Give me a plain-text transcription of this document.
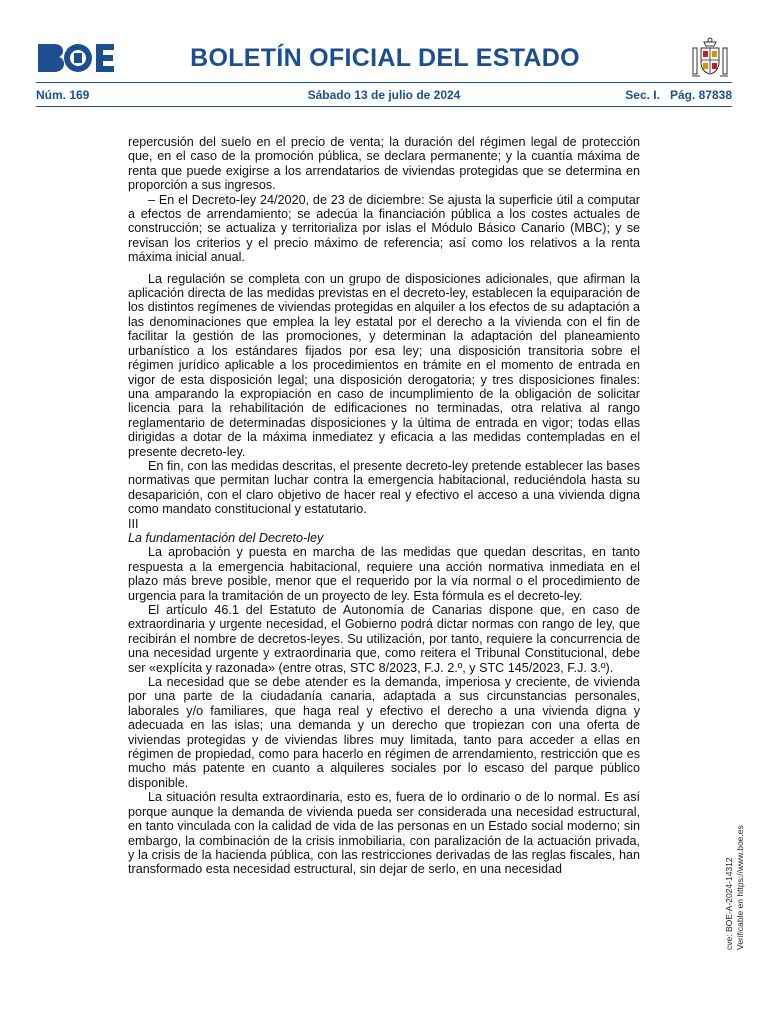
BOLETÍN OFICIAL DEL ESTADO
Núm. 169	Sábado 13 de julio de 2024	Sec. I.   Pág. 87838

repercusión del suelo en el precio de venta; la duración del régimen legal de protección que, en el caso de la promoción pública, se declara permanente; y la cuantía máxima de renta que puede exigirse a los arrendatarios de viviendas protegidas que se determina en proporción a sus ingresos.

– En el Decreto-ley 24/2020, de 23 de diciembre: Se ajusta la superficie útil a computar a efectos de arrendamiento; se adecúa la financiación pública a los costes actuales de construcción; se actualiza y territorializa por islas el Módulo Básico Canario (MBC); y se revisan los criterios y el precio máximo de referencia; así como los relativos a la renta máxima inicial anual.

La regulación se completa con un grupo de disposiciones adicionales, que afirman la aplicación directa de las medidas previstas en el decreto-ley, establecen la equiparación de los distintos regímenes de viviendas protegidas en alquiler a los efectos de su adaptación a las denominaciones que emplea la ley estatal por el derecho a la vivienda con el fin de facilitar la gestión de las promociones, y determinan la adaptación del planeamiento urbanístico a los estándares fijados por esa ley; una disposición transitoria sobre el régimen jurídico aplicable a los procedimientos en trámite en el momento de entrada en vigor de esta disposición legal; una disposición derogatoria; y tres disposiciones finales: una amparando la expropiación en caso de incumplimiento de la obligación de solicitar licencia para la rehabilitación de edificaciones no terminadas, otra relativa al rango reglamentario de determinadas disposiciones y la última de entrada en vigor; todas ellas dirigidas a dotar de la máxima inmediatez y eficacia a las medidas contempladas en el presente decreto-ley.

En fin, con las medidas descritas, el presente decreto-ley pretende establecer las bases normativas que permitan luchar contra la emergencia habitacional, reduciéndola hasta su desaparición, con el claro objetivo de hacer real y efectivo el acceso a una vivienda digna como mandato constitucional y estatutario.

III

La fundamentación del Decreto-ley

La aprobación y puesta en marcha de las medidas que quedan descritas, en tanto respuesta a la emergencia habitacional, requiere una acción normativa inmediata en el plazo más breve posible, menor que el requerido por la vía normal o el procedimiento de urgencia para la tramitación de un proyecto de ley. Esta fórmula es el decreto-ley.

El artículo 46.1 del Estatuto de Autonomía de Canarias dispone que, en caso de extraordinaria y urgente necesidad, el Gobierno podrá dictar normas con rango de ley, que recibirán el nombre de decretos-leyes. Su utilización, por tanto, requiere la concurrencia de una necesidad urgente y extraordinaria que, como reitera el Tribunal Constitucional, debe ser «explícita y razonada» (entre otras, STC 8/2023, F.J. 2.º, y STC 145/2023, F.J. 3.º).

La necesidad que se debe atender es la demanda, imperiosa y creciente, de vivienda por una parte de la ciudadanía canaria, adaptada a sus circunstancias personales, laborales y/o familiares, que haga real y efectivo el derecho a una vivienda digna y adecuada en las islas; una demanda y un derecho que tropiezan con una oferta de viviendas protegidas y de viviendas libres muy limitada, tanto para acceder a ellas en régimen de propiedad, como para hacerlo en régimen de arrendamiento, restricción que es mucho más patente en cuanto a alquileres sociales por lo escaso del parque público disponible.

La situación resulta extraordinaria, esto es, fuera de lo ordinario o de lo normal. Es así porque aunque la demanda de vivienda pueda ser considerada una necesidad estructural, en tanto vinculada con la calidad de vida de las personas en un Estado social moderno; sin embargo, la combinación de la crisis inmobiliaria, con paralización de la actuación privada, y la crisis de la hacienda pública, con las restricciones derivadas de las reglas fiscales, han transformado esta necesidad estructural, sin dejar de serlo, en una necesidad	cve: BOE-A-2024-14312 Verificable en https://www.boe.es
